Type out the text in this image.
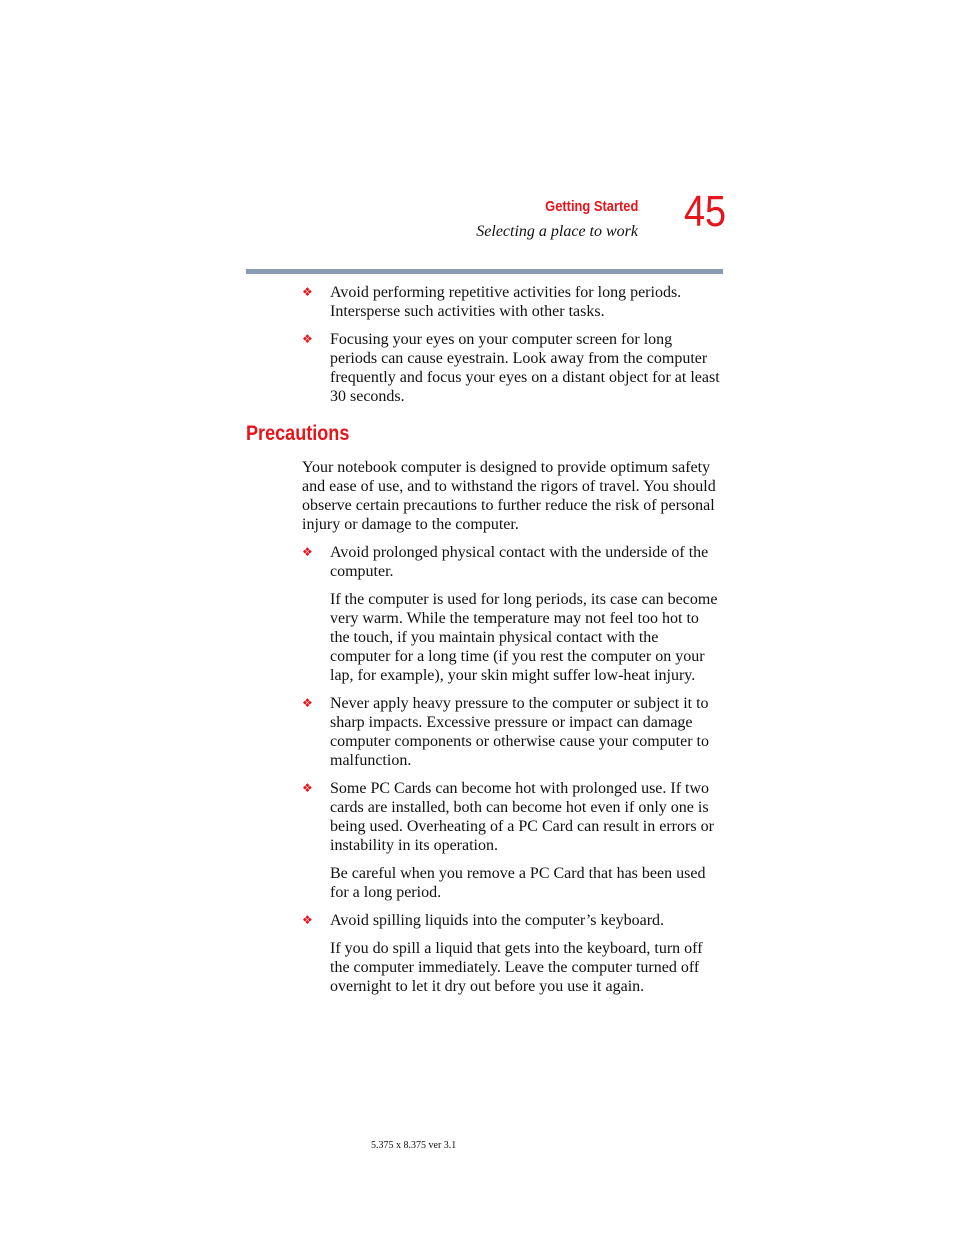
Getting Started
Selecting a place to work 45
❖ Avoid performing repetitive activities for long periods. Intersperse such activities with other tasks.
❖ Focusing your eyes on your computer screen for long periods can cause eyestrain. Look away from the computer frequently and focus your eyes on a distant object for at least 30 seconds.
Precautions

Your notebook computer is designed to provide optimum safety and ease of use, and to withstand the rigors of travel. You should observe certain precautions to further reduce the risk of personal injury or damage to the computer.

❖ Avoid prolonged physical contact with the underside of the computer.

If the computer is used for long periods, its case can become very warm. While the temperature may not feel too hot to the touch, if you maintain physical contact with the computer for a long time (if you rest the computer on your lap, for example), your skin might suffer low-heat injury.

❖ Never apply heavy pressure to the computer or subject it to sharp impacts. Excessive pressure or impact can damage computer components or otherwise cause your computer to malfunction.
❖ Some PC Cards can become hot with prolonged use. If two cards are installed, both can become hot even if only one is being used. Overheating of a PC Card can result in errors or instability in its operation.

Be careful when you remove a PC Card that has been used for a long period.

❖ Avoid spilling liquids into the computer’s keyboard.

If you do spill a liquid that gets into the keyboard, turn off the computer immediately. Leave the computer turned off overnight to let it dry out before you use it again.

5.375 x 8.375 ver 3.1
